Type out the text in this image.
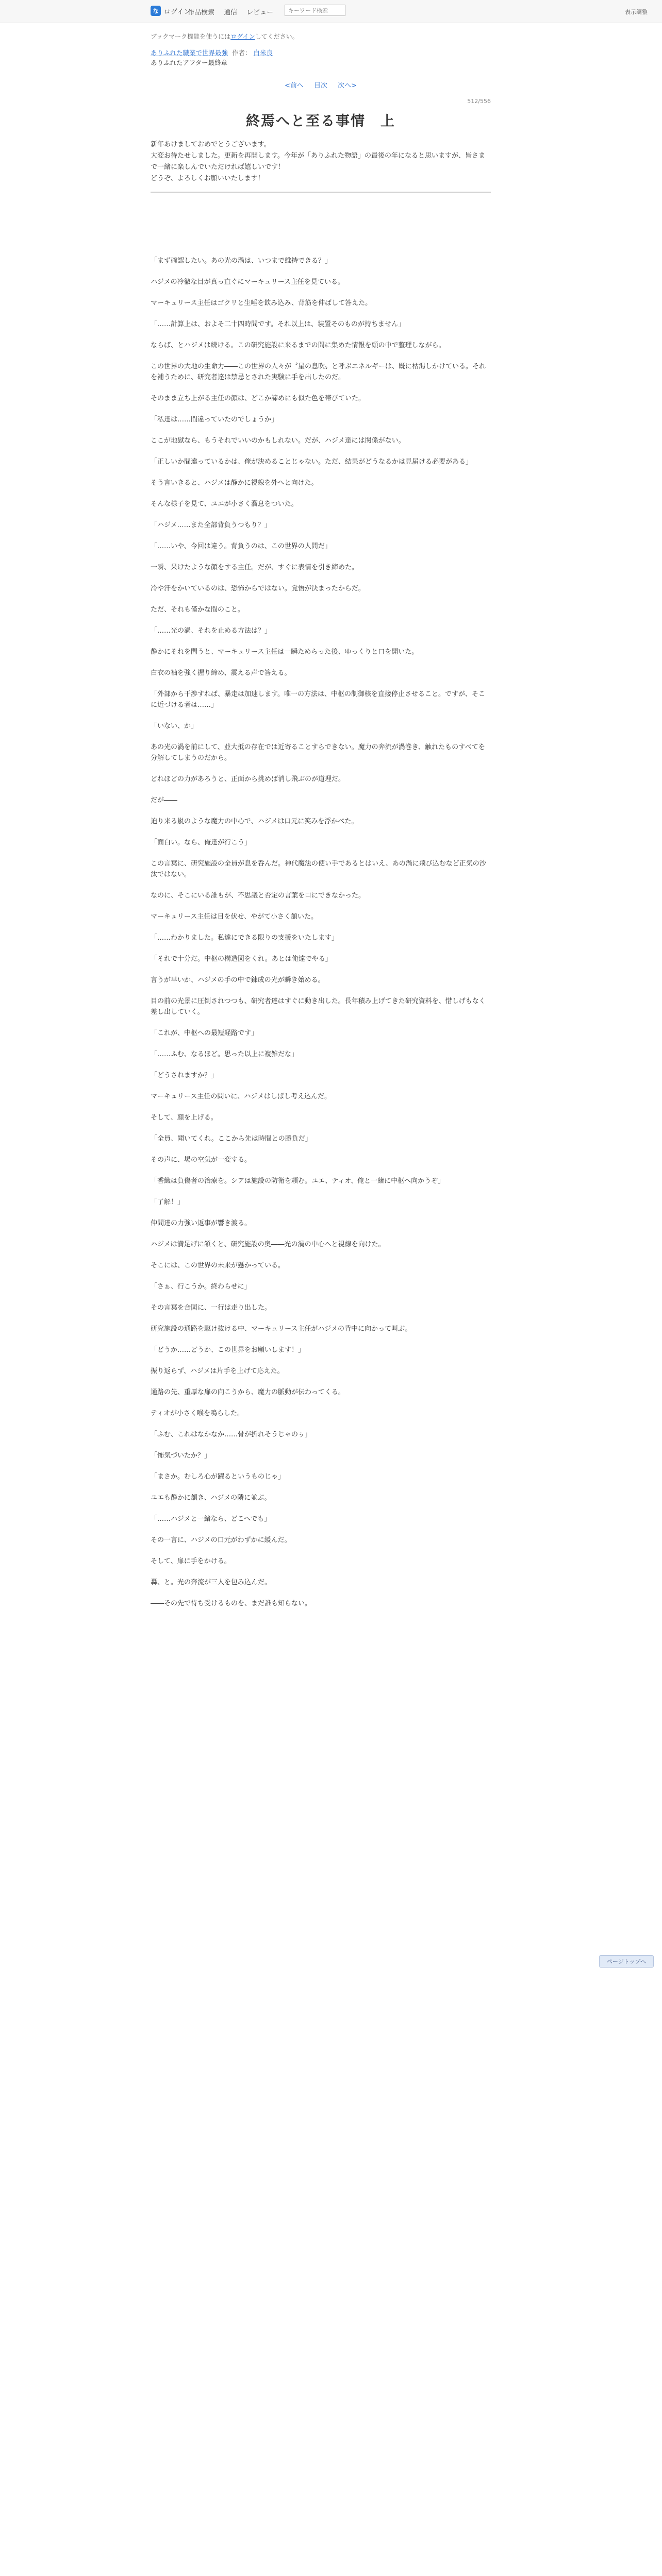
な ログイン
作品検索 通信 レビュー
キーワード検索	表示調整
ブックマーク機能を使うにはログインしてください。
ありふれた職業で世界最強 作者： 白米良
ありふれたアフター最終章
<前へ 目次 次へ>
512/556
終焉へと至る事情　上

新年あけましておめでとうございます。

大変お待たせしました。更新を再開します。今年が「ありふれた物語」の最後の年になると思いますが、皆さまで一緒に楽しんでいただければ嬉しいです！

どうぞ、よろしくお願いいたします！

「まず確認したい。あの光の渦は、いつまで維持できる？」

ハジメの冷徹な目が真っ直ぐにマーキュリース主任を見ている。

マーキュリース主任はゴクリと生唾を飲み込み、背筋を伸ばして答えた。

「……計算上は、およそ二十四時間です。それ以上は、装置そのものが持ちません」

ならば、とハジメは続ける。この研究施設に来るまでの間に集めた情報を頭の中で整理しながら。

この世界の大地の生命力――この世界の人々が〝星の息吹〟と呼ぶエネルギーは、既に枯渇しかけている。それを補うために、研究者達は禁忌とされた実験に手を出したのだ。

そのまま立ち上がる主任の顔は、どこか諦めにも似た色を帯びていた。

「私達は……間違っていたのでしょうか」

ここが地獄なら、もうそれでいいのかもしれない。だが、ハジメ達には関係がない。

「正しいか間違っているかは、俺が決めることじゃない。ただ、結果がどうなるかは見届ける必要がある」

そう言いきると、ハジメは静かに視線を外へと向けた。

そんな様子を見て、ユエが小さく溜息をついた。

「ハジメ……また全部背負うつもり？」

「……いや、今回は違う。背負うのは、この世界の人間だ」

一瞬、呆けたような顔をする主任。だが、すぐに表情を引き締めた。

冷や汗をかいているのは、恐怖からではない。覚悟が決まったからだ。

ただ、それも僅かな間のこと。

「……光の渦、それを止める方法は？」

静かにそれを問うと、マーキュリース主任は一瞬ためらった後、ゆっくりと口を開いた。

白衣の袖を強く握り締め、震える声で答える。

「外部から干渉すれば、暴走は加速します。唯一の方法は、中枢の制御核を直接停止させること。ですが、そこに近づける者は……」

「いない、か」

あの光の渦を前にして、並大抵の存在では近寄ることすらできない。魔力の奔流が渦巻き、触れたものすべてを分解してしまうのだから。

どれほどの力があろうと、正面から挑めば消し飛ぶのが道理だ。

だが――

迫り来る嵐のような魔力の中心で、ハジメは口元に笑みを浮かべた。

「面白い。なら、俺達が行こう」

この言葉に、研究施設の全員が息を呑んだ。神代魔法の使い手であるとはいえ、あの渦に飛び込むなど正気の沙汰ではない。

なのに、そこにいる誰もが、不思議と否定の言葉を口にできなかった。

マーキュリース主任は目を伏せ、やがて小さく頷いた。

「……わかりました。私達にできる限りの支援をいたします」

「それで十分だ。中枢の構造図をくれ。あとは俺達でやる」

言うが早いか、ハジメの手の中で錬成の光が瞬き始める。

目の前の光景に圧倒されつつも、研究者達はすぐに動き出した。長年積み上げてきた研究資料を、惜しげもなく差し出していく。

「これが、中枢への最短経路です」

「……ふむ、なるほど。思った以上に複雑だな」

「どうされますか？」

マーキュリース主任の問いに、ハジメはしばし考え込んだ。

そして、顔を上げる。

「全員、聞いてくれ。ここから先は時間との勝負だ」

その声に、場の空気が一変する。

「香織は負傷者の治療を。シアは施設の防衛を頼む。ユエ、ティオ、俺と一緒に中枢へ向かうぞ」

「了解！」

仲間達の力強い返事が響き渡る。

ハジメは満足げに頷くと、研究施設の奥――光の渦の中心へと視線を向けた。

そこには、この世界の未来が懸かっている。

「さぁ、行こうか。終わらせに」

その言葉を合図に、一行は走り出した。

研究施設の通路を駆け抜ける中、マーキュリース主任がハジメの背中に向かって叫ぶ。

「どうか……どうか、この世界をお願いします！」

振り返らず、ハジメは片手を上げて応えた。

通路の先、重厚な扉の向こうから、魔力の脈動が伝わってくる。

ティオが小さく喉を鳴らした。

「ふむ、これはなかなか……骨が折れそうじゃのぅ」

「怖気づいたか？」

「まさか。むしろ心が躍るというものじゃ」

ユエも静かに頷き、ハジメの隣に並ぶ。

「……ハジメと一緒なら、どこへでも」

その一言に、ハジメの口元がわずかに緩んだ。

そして、扉に手をかける。

轟、と。光の奔流が三人を包み込んだ。

――その先で待ち受けるものを、まだ誰も知らない。

ページトップへ
